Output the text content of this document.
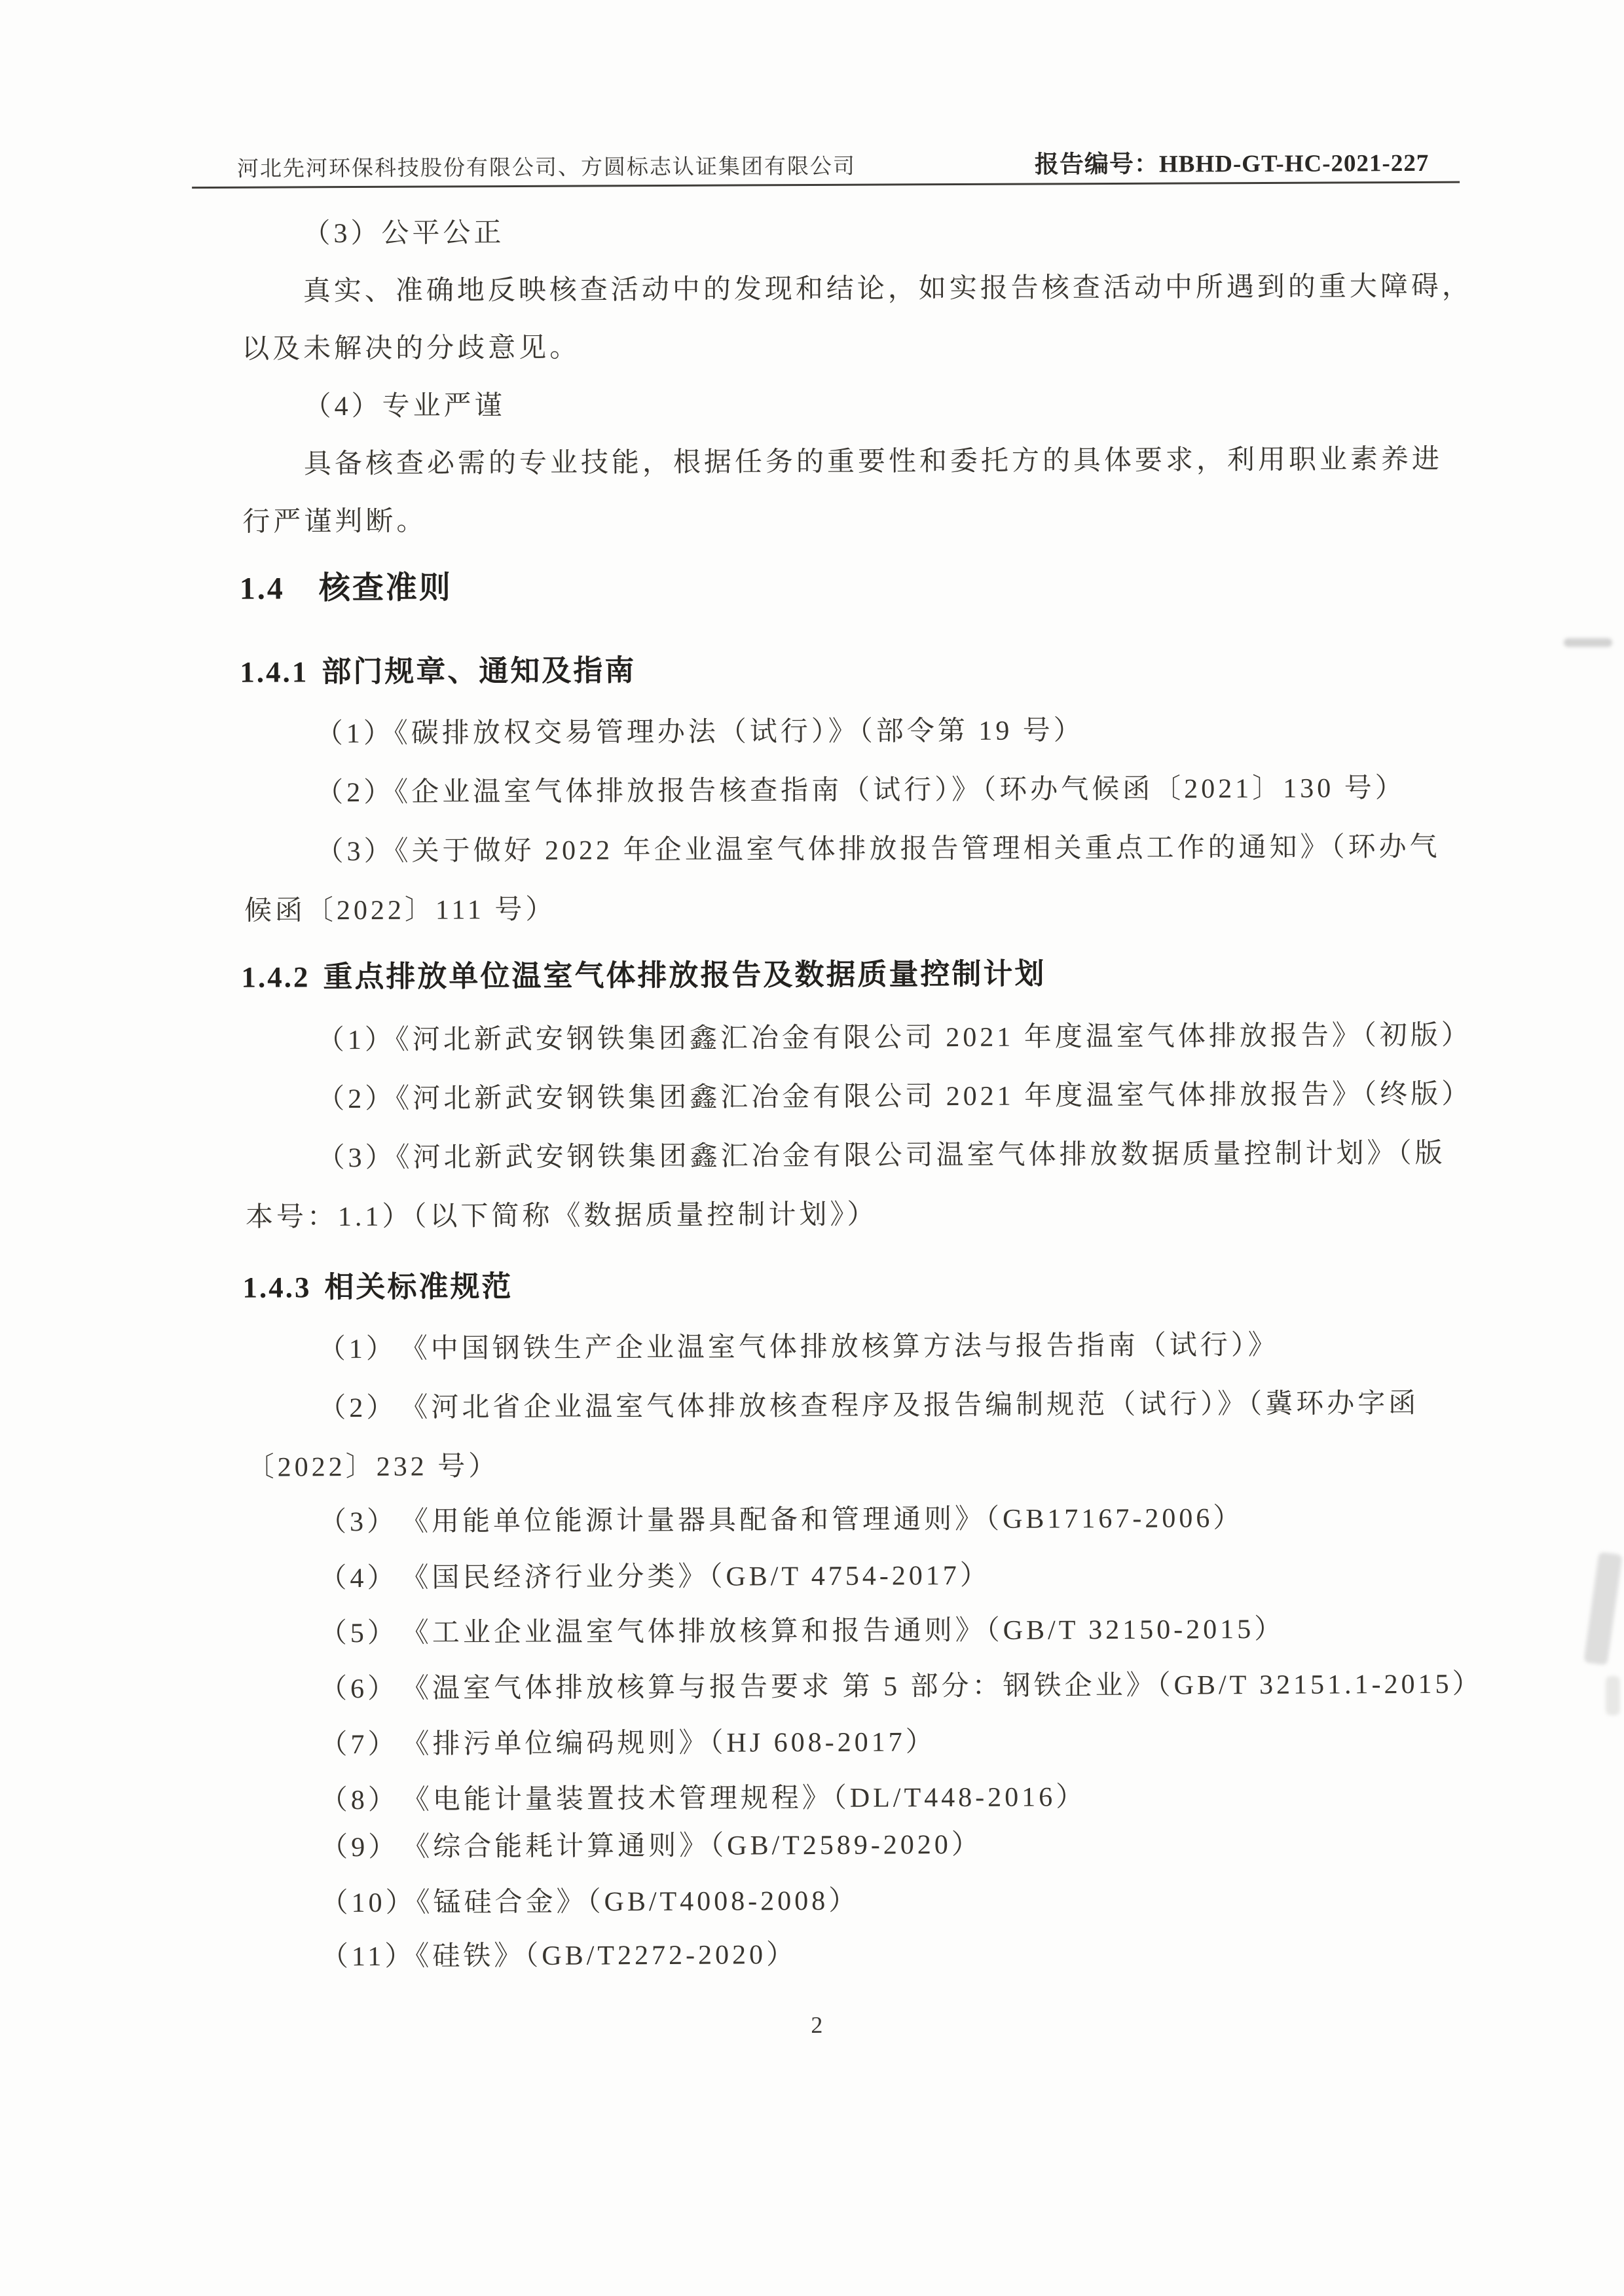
河北先河环保科技股份有限公司、方圆标志认证集团有限公司	报告编号：HBHD-GT-HC-2021-227
（3）公平公正
真实、准确地反映核查活动中的发现和结论，如实报告核查活动中所遇到的重大障碍，
以及未解决的分歧意见。
（4）专业严谨
具备核查必需的专业技能，根据任务的重要性和委托方的具体要求，利用职业素养进
行严谨判断。
1.4 核查准则
1.4.1 部门规章、通知及指南
（1）《碳排放权交易管理办法（试行）》（部令第 19 号）
（2）《企业温室气体排放报告核查指南（试行）》（环办气候函〔2021〕130 号）
（3）《关于做好 2022 年企业温室气体排放报告管理相关重点工作的通知》（环办气
候函〔2022〕111 号）
1.4.2 重点排放单位温室气体排放报告及数据质量控制计划
（1）《河北新武安钢铁集团鑫汇冶金有限公司 2021 年度温室气体排放报告》（初版）
（2）《河北新武安钢铁集团鑫汇冶金有限公司 2021 年度温室气体排放报告》（终版）
（3）《河北新武安钢铁集团鑫汇冶金有限公司温室气体排放数据质量控制计划》（版
本号：1.1）（以下简称《数据质量控制计划》）
1.4.3 相关标准规范
（1）　《中国钢铁生产企业温室气体排放核算方法与报告指南（试行）》
（2）　《河北省企业温室气体排放核查程序及报告编制规范（试行）》（冀环办字函
〔2022〕232 号）
（3）　《用能单位能源计量器具配备和管理通则》（GB17167-2006）
（4）　《国民经济行业分类》（GB/T 4754-2017）
（5）　《工业企业温室气体排放核算和报告通则》（GB/T 32150-2015）
（6）　《温室气体排放核算与报告要求 第 5 部分：钢铁企业》（GB/T 32151.1-2015）
（7）　《排污单位编码规则》（HJ 608-2017）
（8）　《电能计量装置技术管理规程》（DL/T448-2016）
（9）　《综合能耗计算通则》（GB/T2589-2020）
（10）《锰硅合金》（GB/T4008-2008）
（11）《硅铁》（GB/T2272-2020）
2
